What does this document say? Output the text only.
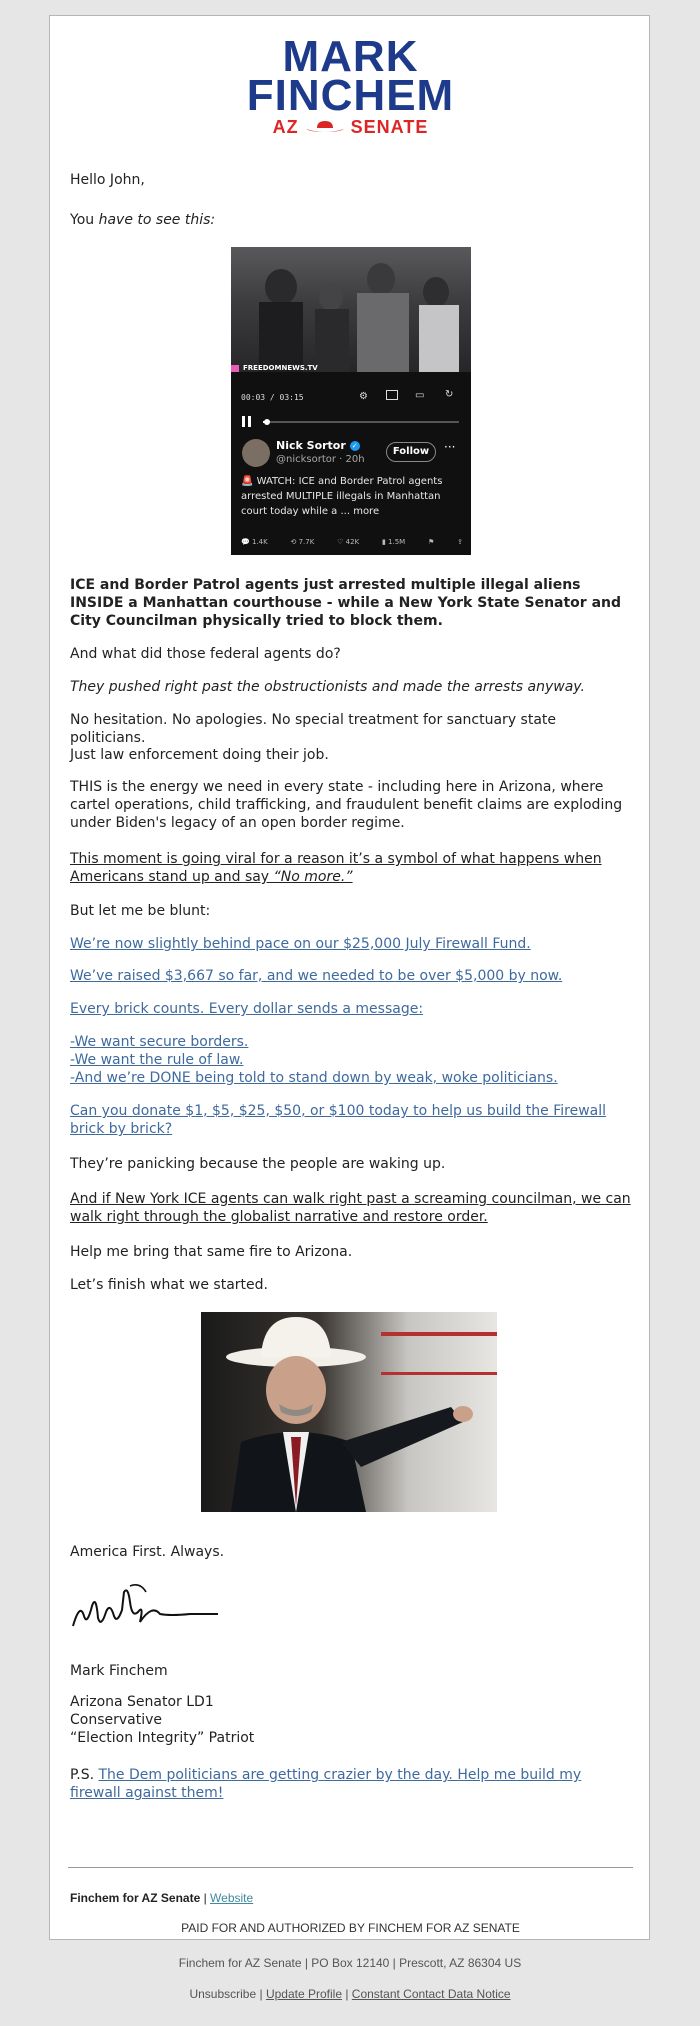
MARK
FINCHEM
AZ	SENATE

Hello John,

You have to see this:

FREEDOMNEWS.TV
00:03 / 03:15	⚙	▭ ↻
Nick Sortor ✓
@nicksortor · 20h
Follow	···
🚨 WATCH: ICE and Border Patrol agents arrested MULTIPLE illegals in Manhattan court today while a ... more
💬 1.4K	⟲ 7.7K	♡ 42K	▮ 1.5M	⚑	⇪

ICE and Border Patrol agents just arrested multiple illegal aliens INSIDE a Manhattan courthouse - while a New York State Senator and City Councilman physically tried to block them.

And what did those federal agents do?

They pushed right past the obstructionists and made the arrests anyway.

No hesitation. No apologies. No special treatment for sanctuary state politicians.

Just law enforcement doing their job.

THIS is the energy we need in every state - including here in Arizona, where cartel operations, child trafficking, and fraudulent benefit claims are exploding under Biden's legacy of an open border regime.

This moment is going viral for a reason it’s a symbol of what happens when Americans stand up and say “No more.”

But let me be blunt:

We’re now slightly behind pace on our $25,000 July Firewall Fund.

We’ve raised $3,667 so far, and we needed to be over $5,000 by now.

Every brick counts. Every dollar sends a message:

-We want secure borders.
-We want the rule of law.
-And we’re DONE being told to stand down by weak, woke politicians.

Can you donate $1, $5, $25, $50, or $100 today to help us build the Firewall brick by brick?

They’re panicking because the people are waking up.

And if New York ICE agents can walk right past a screaming councilman, we can walk right through the globalist narrative and restore order.

Help me bring that same fire to Arizona.

Let’s finish what we started.

America First. Always.

Mark Finchem

Arizona Senator LD1
Conservative
“Election Integrity” Patriot

P.S. The Dem politicians are getting crazier by the day. Help me build my firewall against them!

Finchem for AZ Senate | Website

PAID FOR AND AUTHORIZED BY FINCHEM FOR AZ SENATE

Finchem for AZ Senate | PO Box 12140 | Prescott, AZ 86304 US
Unsubscribe | Update Profile | Constant Contact Data Notice
